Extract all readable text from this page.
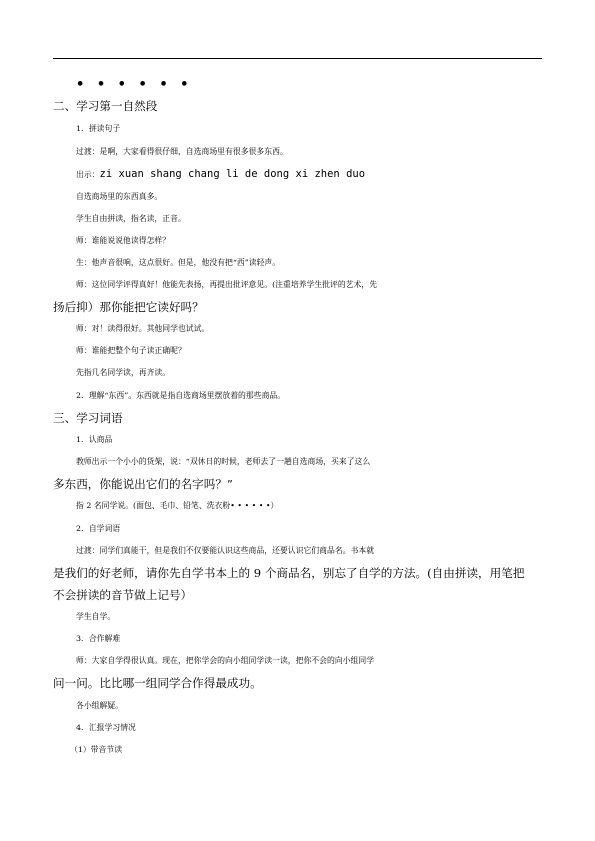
• • • • • •
二、学习第一自然段
1．拼读句子
过渡：是啊，大家看得很仔细，自选商场里有很多很多东西。
出示：zi xuan shang chang li de dong xi zhen duo
自选商场里的东西真多。
学生自由拼读，指名读，正音。
师：谁能说说他读得怎样？
生：他声音很响，这点很好。但是，他没有把“西”读轻声。
师：这位同学评得真好！他能先表扬，再提出批评意见。(注重培养学生批评的艺术，先
扬后抑）那你能把它读好吗？
师：对！读得很好。其他同学也试试。
师：谁能把整个句子读正确呢？
先指几名同学读，再齐读。
2．理解“东西”。东西就是指自选商场里摆放着的那些商品。
三、学习词语
1．认商品
教师出示一个小小的货架，说：“双休日的时候，老师去了一趟自选商场，买来了这么
多东西，你能说出它们的名字吗？”
指 2 名同学说。(面包、毛巾、铅笔、洗衣粉• • • • • •）
2．自学词语
过渡：同学们真能干，但是我们不仅要能认识这些商品，还要认识它们商品名。书本就
是我们的好老师，请你先自学书本上的 9 个商品名，别忘了自学的方法。(自由拼读，用笔把
不会拼读的音节做上记号）
学生自学。
3．合作解难
师：大家自学得很认真。现在，把你学会的向小组同学读一读，把你不会的向小组同学
问一问。比比哪一组同学合作得最成功。
各小组解疑。
4．汇报学习情况
（1）带音节读
